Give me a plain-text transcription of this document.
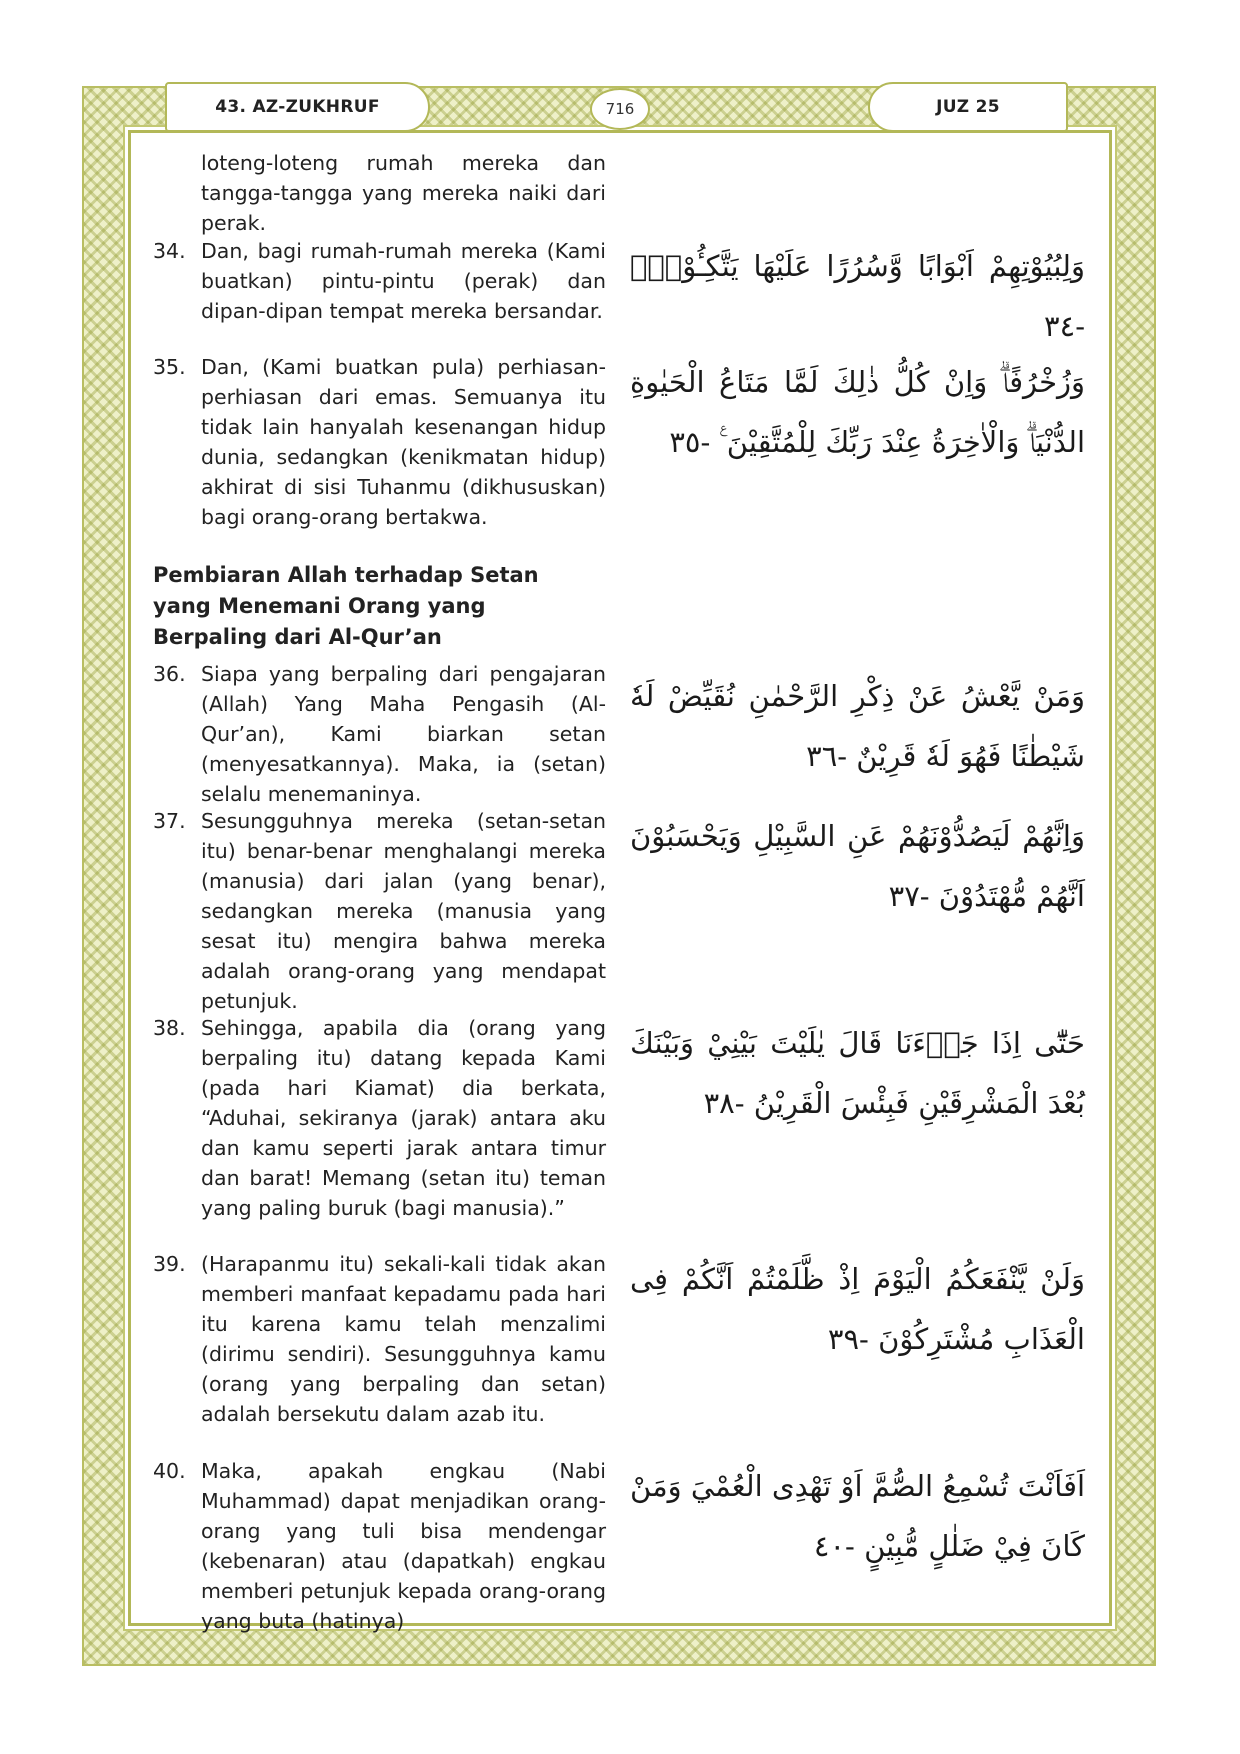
43. AZ-ZUKHRUF	716	JUZ 25
loteng-loteng rumah mereka dan tangga-tangga yang mereka naiki dari perak.
34. Dan, bagi rumah-rumah mereka (Kami buatkan) pintu-pintu (perak) dan dipan-dipan tempat mereka bersandar.
وَلِبُيُوْتِهِمْ اَبْوَابًا وَّسُرُرًا عَلَيْهَا يَتَّكِـُٔوْنَۙ -٣٤
35. Dan, (Kami buatkan pula) perhiasan-perhiasan dari emas. Semuanya itu tidak lain hanyalah kesenangan hidup dunia, sedangkan (kenikmatan hidup) akhirat di sisi Tuhanmu (dikhususkan) bagi orang-orang bertakwa.
وَزُخْرُفًاۗ وَاِنْ كُلُّ ذٰلِكَ لَمَّا مَتَاعُ الْحَيٰوةِ الدُّنْيَاۗ وَالْاٰخِرَةُ عِنْدَ رَبِّكَ لِلْمُتَّقِيْنَ ࣖ -٣٥
Pembiaran Allah terhadap Setan yang Menemani Orang yang Berpaling dari Al-Qur’an
36. Siapa yang berpaling dari pengajaran (Allah) Yang Maha Pengasih (Al-Qur’an), Kami biarkan setan (menyesatkannya). Maka, ia (setan) selalu menemaninya.
وَمَنْ يَّعْشُ عَنْ ذِكْرِ الرَّحْمٰنِ نُقَيِّضْ لَهٗ شَيْطٰنًا فَهُوَ لَهٗ قَرِيْنٌ -٣٦
37. Sesungguhnya mereka (setan-setan itu) benar-benar menghalangi mereka (manusia) dari jalan (yang benar), sedangkan mereka (manusia yang sesat itu) mengira bahwa mereka adalah orang-orang yang mendapat petunjuk.
وَاِنَّهُمْ لَيَصُدُّوْنَهُمْ عَنِ السَّبِيْلِ وَيَحْسَبُوْنَ اَنَّهُمْ مُّهْتَدُوْنَ -٣٧
38. Sehingga, apabila dia (orang yang berpaling itu) datang kepada Kami (pada hari Kiamat) dia berkata, “Aduhai, sekiranya (jarak) antara aku dan kamu seperti jarak antara timur dan barat! Memang (setan itu) teman yang paling buruk (bagi manusia).”
حَتّٰٓى اِذَا جَاۤءَنَا قَالَ يٰلَيْتَ بَيْنِيْ وَبَيْنَكَ بُعْدَ الْمَشْرِقَيْنِ فَبِئْسَ الْقَرِيْنُ -٣٨
39. (Harapanmu itu) sekali-kali tidak akan memberi manfaat kepadamu pada hari itu karena kamu telah menzalimi (dirimu sendiri). Sesungguhnya kamu (orang yang berpaling dan setan) adalah bersekutu dalam azab itu.
وَلَنْ يَّنْفَعَكُمُ الْيَوْمَ اِذْ ظَّلَمْتُمْ اَنَّكُمْ فِى الْعَذَابِ مُشْتَرِكُوْنَ -٣٩
40. Maka, apakah engkau (Nabi Muhammad) dapat menjadikan orang-orang yang tuli bisa mendengar (kebenaran) atau (dapatkah) engkau memberi petunjuk kepada orang-orang yang buta (hatinya)
اَفَاَنْتَ تُسْمِعُ الصُّمَّ اَوْ تَهْدِى الْعُمْيَ وَمَنْ كَانَ فِيْ ضَلٰلٍ مُّبِيْنٍ -٤٠
